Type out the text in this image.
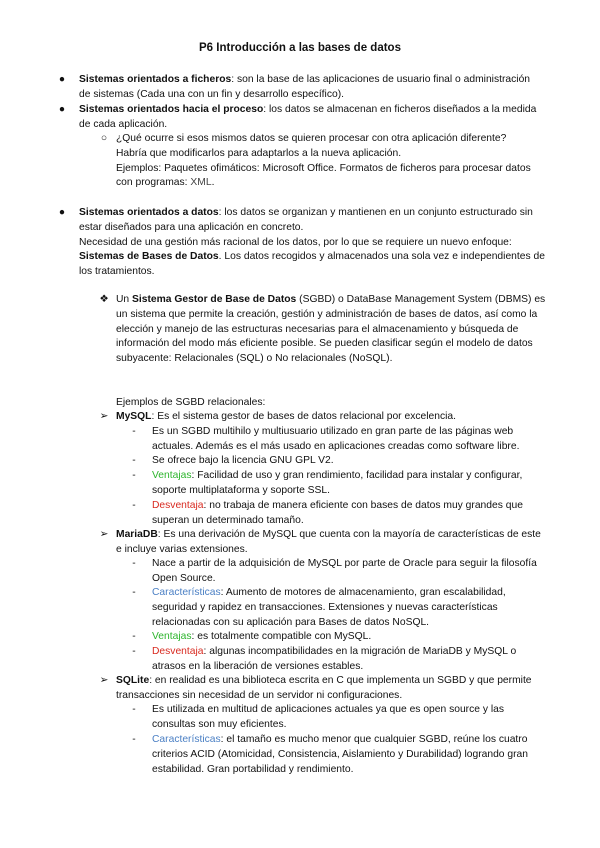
P6 Introducción a las bases de datos
● Sistemas orientados a ficheros: son la base de las aplicaciones de usuario final o administración de sistemas (Cada una con un fin y desarrollo específico).
● Sistemas orientados hacia el proceso: los datos se almacenan en ficheros diseñados a la medida de cada aplicación.
○ ¿Qué ocurre si esos mismos datos se quieren procesar con otra aplicación diferente? Habría que modificarlos para adaptarlos a la nueva aplicación.
Ejemplos: Paquetes ofimáticos: Microsoft Office. Formatos de ficheros para procesar datos con programas: XML.
● Sistemas orientados a datos: los datos se organizan y mantienen en un conjunto estructurado sin estar diseñados para una aplicación en concreto.
Necesidad de una gestión más racional de los datos, por lo que se requiere un nuevo enfoque:
Sistemas de Bases de Datos. Los datos recogidos y almacenados una sola vez e independientes de los tratamientos.
❖ Un Sistema Gestor de Base de Datos (SGBD) o DataBase Management System (DBMS) es un sistema que permite la creación, gestión y administración de bases de datos, así como la elección y manejo de las estructuras necesarias para el almacenamiento y búsqueda de información del modo más eficiente posible. Se pueden clasificar según el modelo de datos subyacente: Relacionales (SQL) o No relacionales (NoSQL).
Ejemplos de SGBD relacionales:
➢ MySQL: Es el sistema gestor de bases de datos relacional por excelencia.
-	Es un SGBD multihilo y multiusuario utilizado en gran parte de las páginas web actuales. Además es el más usado en aplicaciones creadas como software libre.
-	Se ofrece bajo la licencia GNU GPL V2.
-	Ventajas: Facilidad de uso y gran rendimiento, facilidad para instalar y configurar, soporte multiplataforma y soporte SSL.
-	Desventaja: no trabaja de manera eficiente con bases de datos muy grandes que superan un determinado tamaño.
➢ MariaDB: Es una derivación de MySQL que cuenta con la mayoría de características de este e incluye varias extensiones.
-	Nace a partir de la adquisición de MySQL por parte de Oracle para seguir la filosofía Open Source.
-	Características: Aumento de motores de almacenamiento, gran escalabilidad, seguridad y rapidez en transacciones. Extensiones y nuevas características relacionadas con su aplicación para Bases de datos NoSQL.
-	Ventajas: es totalmente compatible con MySQL.
-	Desventaja: algunas incompatibilidades en la migración de MariaDB y MySQL o atrasos en la liberación de versiones estables.
➢ SQLite: en realidad es una biblioteca escrita en C que implementa un SGBD y que permite transacciones sin necesidad de un servidor ni configuraciones.
-	Es utilizada en multitud de aplicaciones actuales ya que es open source y las consultas son muy eficientes.
-	Características: el tamaño es mucho menor que cualquier SGBD, reúne los cuatro criterios ACID (Atomicidad, Consistencia, Aislamiento y Durabilidad) logrando gran estabilidad. Gran portabilidad y rendimiento.
